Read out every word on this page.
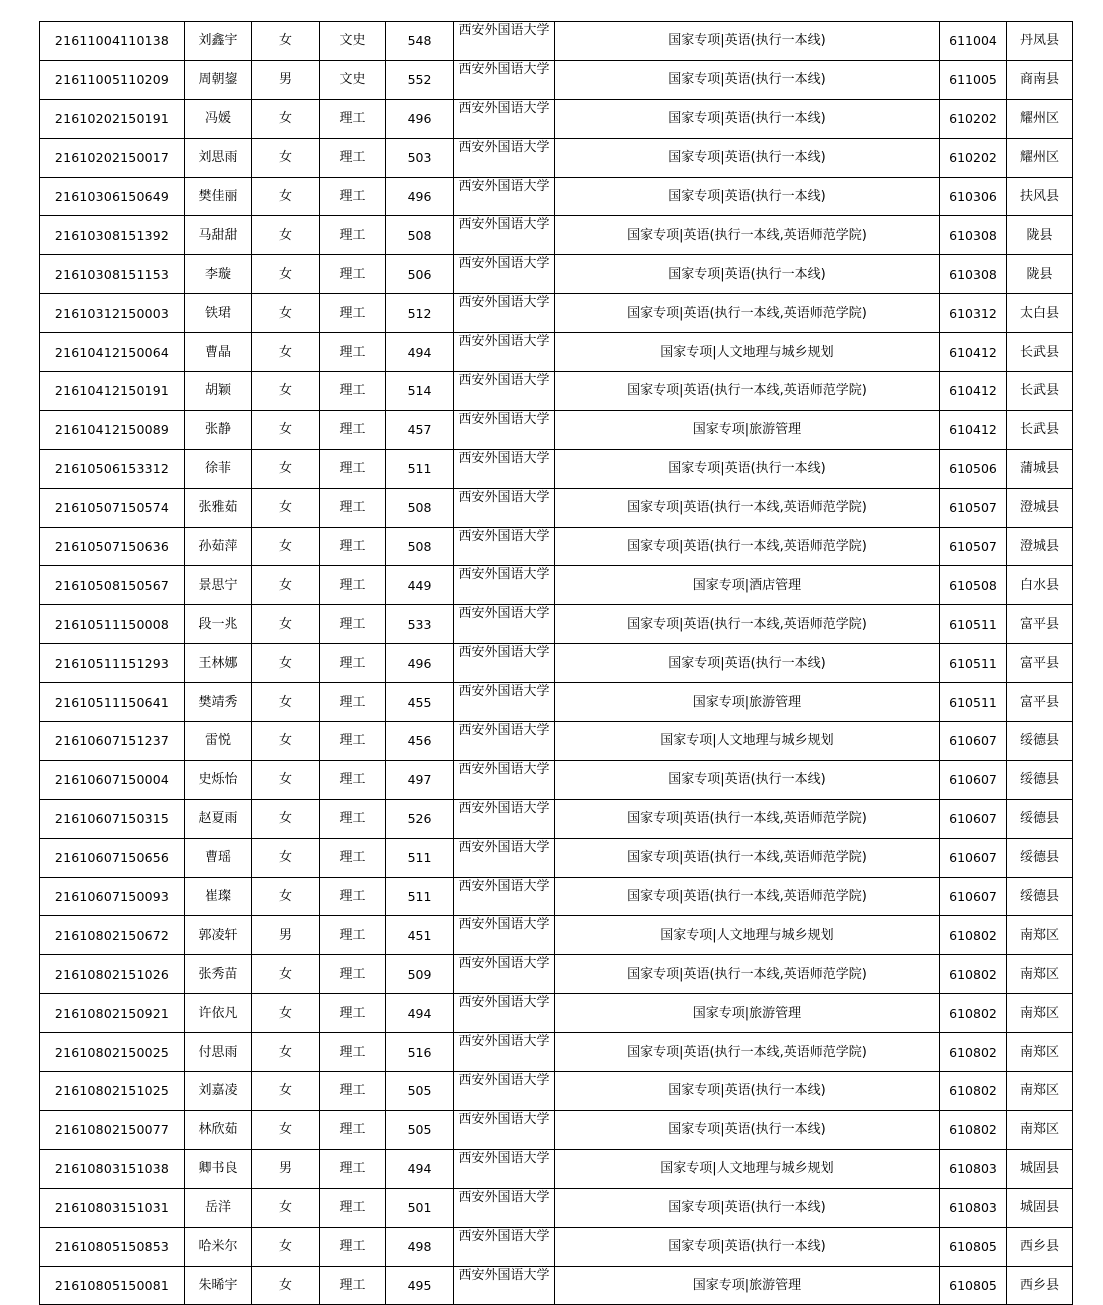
21611004110138	刘鑫宇	女	文史	548	西安外国语大学	国家专项|英语(执行一本线)	611004	丹凤县
21611005110209	周朝鋆	男	文史	552	西安外国语大学	国家专项|英语(执行一本线)	611005	商南县
21610202150191	冯媛	女	理工	496	西安外国语大学	国家专项|英语(执行一本线)	610202	耀州区
21610202150017	刘思雨	女	理工	503	西安外国语大学	国家专项|英语(执行一本线)	610202	耀州区
21610306150649	樊佳丽	女	理工	496	西安外国语大学	国家专项|英语(执行一本线)	610306	扶风县
21610308151392	马甜甜	女	理工	508	西安外国语大学	国家专项|英语(执行一本线,英语师范学院)	610308	陇县
21610308151153	李璇	女	理工	506	西安外国语大学	国家专项|英语(执行一本线)	610308	陇县
21610312150003	铁珺	女	理工	512	西安外国语大学	国家专项|英语(执行一本线,英语师范学院)	610312	太白县
21610412150064	曹晶	女	理工	494	西安外国语大学	国家专项|人文地理与城乡规划	610412	长武县
21610412150191	胡颖	女	理工	514	西安外国语大学	国家专项|英语(执行一本线,英语师范学院)	610412	长武县
21610412150089	张静	女	理工	457	西安外国语大学	国家专项|旅游管理	610412	长武县
21610506153312	徐菲	女	理工	511	西安外国语大学	国家专项|英语(执行一本线)	610506	蒲城县
21610507150574	张雅茹	女	理工	508	西安外国语大学	国家专项|英语(执行一本线,英语师范学院)	610507	澄城县
21610507150636	孙茹萍	女	理工	508	西安外国语大学	国家专项|英语(执行一本线,英语师范学院)	610507	澄城县
21610508150567	景思宁	女	理工	449	西安外国语大学	国家专项|酒店管理	610508	白水县
21610511150008	段一兆	女	理工	533	西安外国语大学	国家专项|英语(执行一本线,英语师范学院)	610511	富平县
21610511151293	王林娜	女	理工	496	西安外国语大学	国家专项|英语(执行一本线)	610511	富平县
21610511150641	樊靖秀	女	理工	455	西安外国语大学	国家专项|旅游管理	610511	富平县
21610607151237	雷悦	女	理工	456	西安外国语大学	国家专项|人文地理与城乡规划	610607	绥德县
21610607150004	史烁怡	女	理工	497	西安外国语大学	国家专项|英语(执行一本线)	610607	绥德县
21610607150315	赵夏雨	女	理工	526	西安外国语大学	国家专项|英语(执行一本线,英语师范学院)	610607	绥德县
21610607150656	曹瑶	女	理工	511	西安外国语大学	国家专项|英语(执行一本线,英语师范学院)	610607	绥德县
21610607150093	崔璨	女	理工	511	西安外国语大学	国家专项|英语(执行一本线,英语师范学院)	610607	绥德县
21610802150672	郭凌轩	男	理工	451	西安外国语大学	国家专项|人文地理与城乡规划	610802	南郑区
21610802151026	张秀苗	女	理工	509	西安外国语大学	国家专项|英语(执行一本线,英语师范学院)	610802	南郑区
21610802150921	许依凡	女	理工	494	西安外国语大学	国家专项|旅游管理	610802	南郑区
21610802150025	付思雨	女	理工	516	西安外国语大学	国家专项|英语(执行一本线,英语师范学院)	610802	南郑区
21610802151025	刘嘉凌	女	理工	505	西安外国语大学	国家专项|英语(执行一本线)	610802	南郑区
21610802150077	林欣茹	女	理工	505	西安外国语大学	国家专项|英语(执行一本线)	610802	南郑区
21610803151038	卿书良	男	理工	494	西安外国语大学	国家专项|人文地理与城乡规划	610803	城固县
21610803151031	岳洋	女	理工	501	西安外国语大学	国家专项|英语(执行一本线)	610803	城固县
21610805150853	哈米尔	女	理工	498	西安外国语大学	国家专项|英语(执行一本线)	610805	西乡县
21610805150081	朱晞宇	女	理工	495	西安外国语大学	国家专项|旅游管理	610805	西乡县
